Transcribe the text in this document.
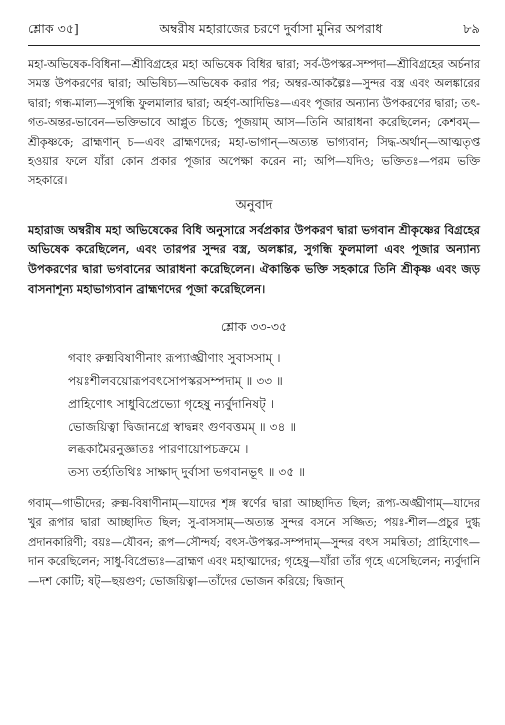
শ্লোক ৩৫]	অম্বরীষ মহারাজের চরণে দুর্বাসা মুনির অপরাধ	৮৯
মহা-অভিষেক-বিধিনা—শ্রীবিগ্রহের মহা অভিষেক বিধির দ্বারা; সর্ব-উপস্কর-সম্পদা—শ্রীবিগ্রহের অর্চনার সমস্ত উপকরণের দ্বারা; অভিষিচ্য—অভিষেক করার পর; অম্বর-আকল্পৈঃ—সুন্দর বস্ত্র এবং অলঙ্কারের দ্বারা; গন্ধ-মাল্য—সুগন্ধি ফুলমালার দ্বারা; অর্হণ-আদিভিঃ—এবং পূজার অন্যান্য উপকরণের দ্বারা; তৎ-গত-অন্তর-ভাবেন—ভক্তিভাবে আপ্লুত চিত্তে; পূজয়াম্ আস—তিনি আরাধনা করেছিলেন; কেশবম্—শ্রীকৃষ্ণকে; ব্রাহ্মণান্ চ—এবং ব্রাহ্মণদের; মহা-ভাগান্—অত্যন্ত ভাগ্যবান; সিদ্ধ-অর্থান্—আত্মতৃপ্ত হওয়ার ফলে যাঁরা কোন প্রকার পূজার অপেক্ষা করেন না; অপি—যদিও; ভক্তিতঃ—পরম ভক্তি সহকারে।
অনুবাদ
মহারাজ অম্বরীষ মহা অভিষেকের বিধি অনুসারে সর্বপ্রকার উপকরণ দ্বারা ভগবান শ্রীকৃষ্ণের বিগ্রহের অভিষেক করেছিলেন, এবং তারপর সুন্দর বস্ত্র, অলঙ্কার, সুগন্ধি ফুলমালা এবং পূজার অন্যান্য উপকরণের দ্বারা ভগবানের আরাধনা করেছিলেন। ঐকান্তিক ভক্তি সহকারে তিনি শ্রীকৃষ্ণ এবং জড় বাসনাশূন্য মহাভাগ্যবান ব্রাহ্মণদের পূজা করেছিলেন।
শ্লোক ৩৩-৩৫
গবাং রুক্মবিষাণীনাং রূপ্যাঙ্ঘ্রীণাং সুবাসসাম্ ।
পয়ঃশীলবয়োরূপবৎসোপস্করসম্পদাম্ ॥ ৩৩ ॥
প্রাহিণোৎ সাধুবিপ্রেভ্যো গৃহেষু ন্যর্বুদানিষট্ ।
ভোজয়িত্বা দ্বিজানগ্রে স্বাদ্বন্নং গুণবত্তমম্ ॥ ৩৪ ॥
লব্ধকামৈরনুজ্ঞাতঃ পারণায়োপচক্রমে ।
তস্য তর্হ্যতিথিঃ সাক্ষাদ্ দুর্বাসা ভগবানভূৎ ॥ ৩৫ ॥
গবাম্—গাভীদের; রুক্ম-বিষাণীনাম্—যাদের শৃঙ্গ স্বর্ণের দ্বারা আচ্ছাদিত ছিল; রূপ্য-অঙ্ঘ্রীণাম্—যাদের খুর রূপার দ্বারা আচ্ছাদিত ছিল; সু-বাসসাম্—অত্যন্ত সুন্দর বসনে সজ্জিত; পয়ঃ-শীল—প্রচুর দুগ্ধ প্রদানকারিণী; বয়ঃ—যৌবন; রূপ—সৌন্দর্য; বৎস-উপস্কর-সম্পদাম্—সুন্দর বৎস সমন্বিতা; প্রাহিণোৎ—দান করেছিলেন; সাধু-বিপ্রেভ্যঃ—ব্রাহ্মণ এবং মহাত্মাদের; গৃহেষু—যাঁরা তাঁর গৃহে এসেছিলেন; ন্যর্বুদানি—দশ কোটি; ষট্—ছয়গুণ; ভোজয়িত্বা—তাঁদের ভোজন করিয়ে; দ্বিজান্
